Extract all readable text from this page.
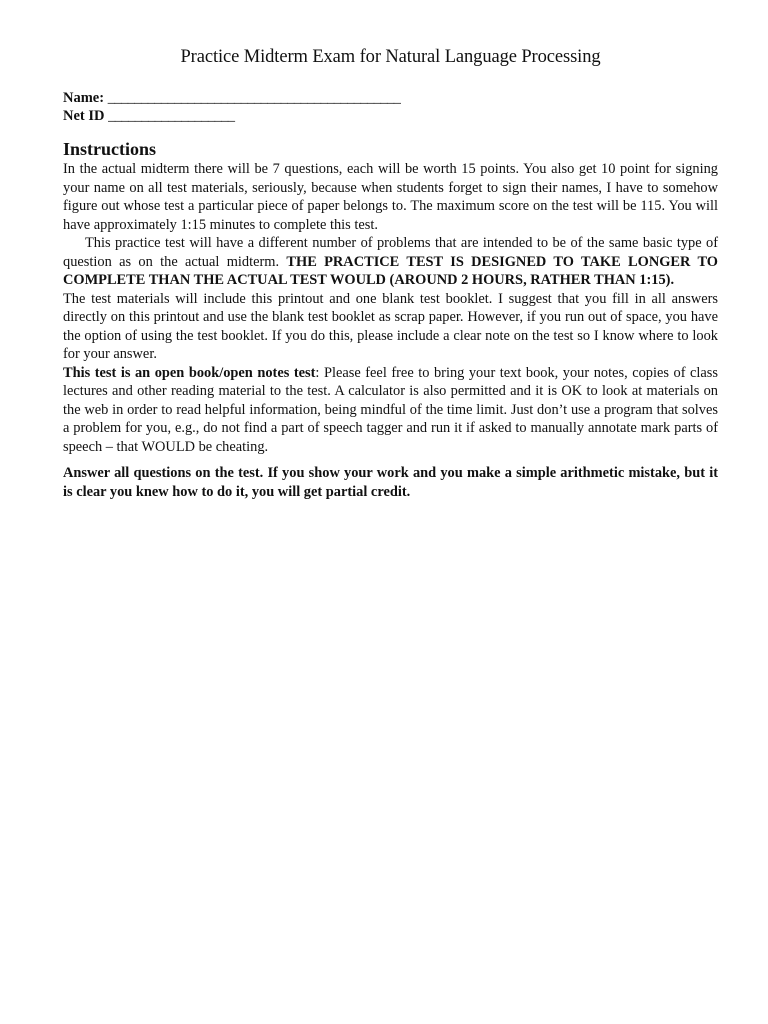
Practice Midterm Exam for Natural Language Processing
Name: ____________________________________________
Net ID ___________________
Instructions

In the actual midterm there will be 7 questions, each will be worth 15 points. You also get 10 point for signing your name on all test materials, seriously, because when students forget to sign their names, I have to somehow figure out whose test a particular piece of paper belongs to. The maximum score on the test will be 115. You will have approximately 1:15 minutes to complete this test.

This practice test will have a different number of problems that are intended to be of the same basic type of question as on the actual midterm. THE PRACTICE TEST IS DESIGNED TO TAKE LONGER TO COMPLETE THAN THE ACTUAL TEST WOULD (AROUND 2 HOURS, RATHER THAN 1:15).

The test materials will include this printout and one blank test booklet. I suggest that you fill in all answers directly on this printout and use the blank test booklet as scrap paper. However, if you run out of space, you have the option of using the test booklet. If you do this, please include a clear note on the test so I know where to look for your answer.

This test is an open book/open notes test: Please feel free to bring your text book, your notes, copies of class lectures and other reading material to the test. A calculator is also permitted and it is OK to look at materials on the web in order to read helpful information, being mindful of the time limit. Just don’t use a program that solves a problem for you, e.g., do not find a part of speech tagger and run it if asked to manually annotate mark parts of speech – that WOULD be cheating.

Answer all questions on the test. If you show your work and you make a simple arithmetic mistake, but it is clear you knew how to do it, you will get partial credit.
